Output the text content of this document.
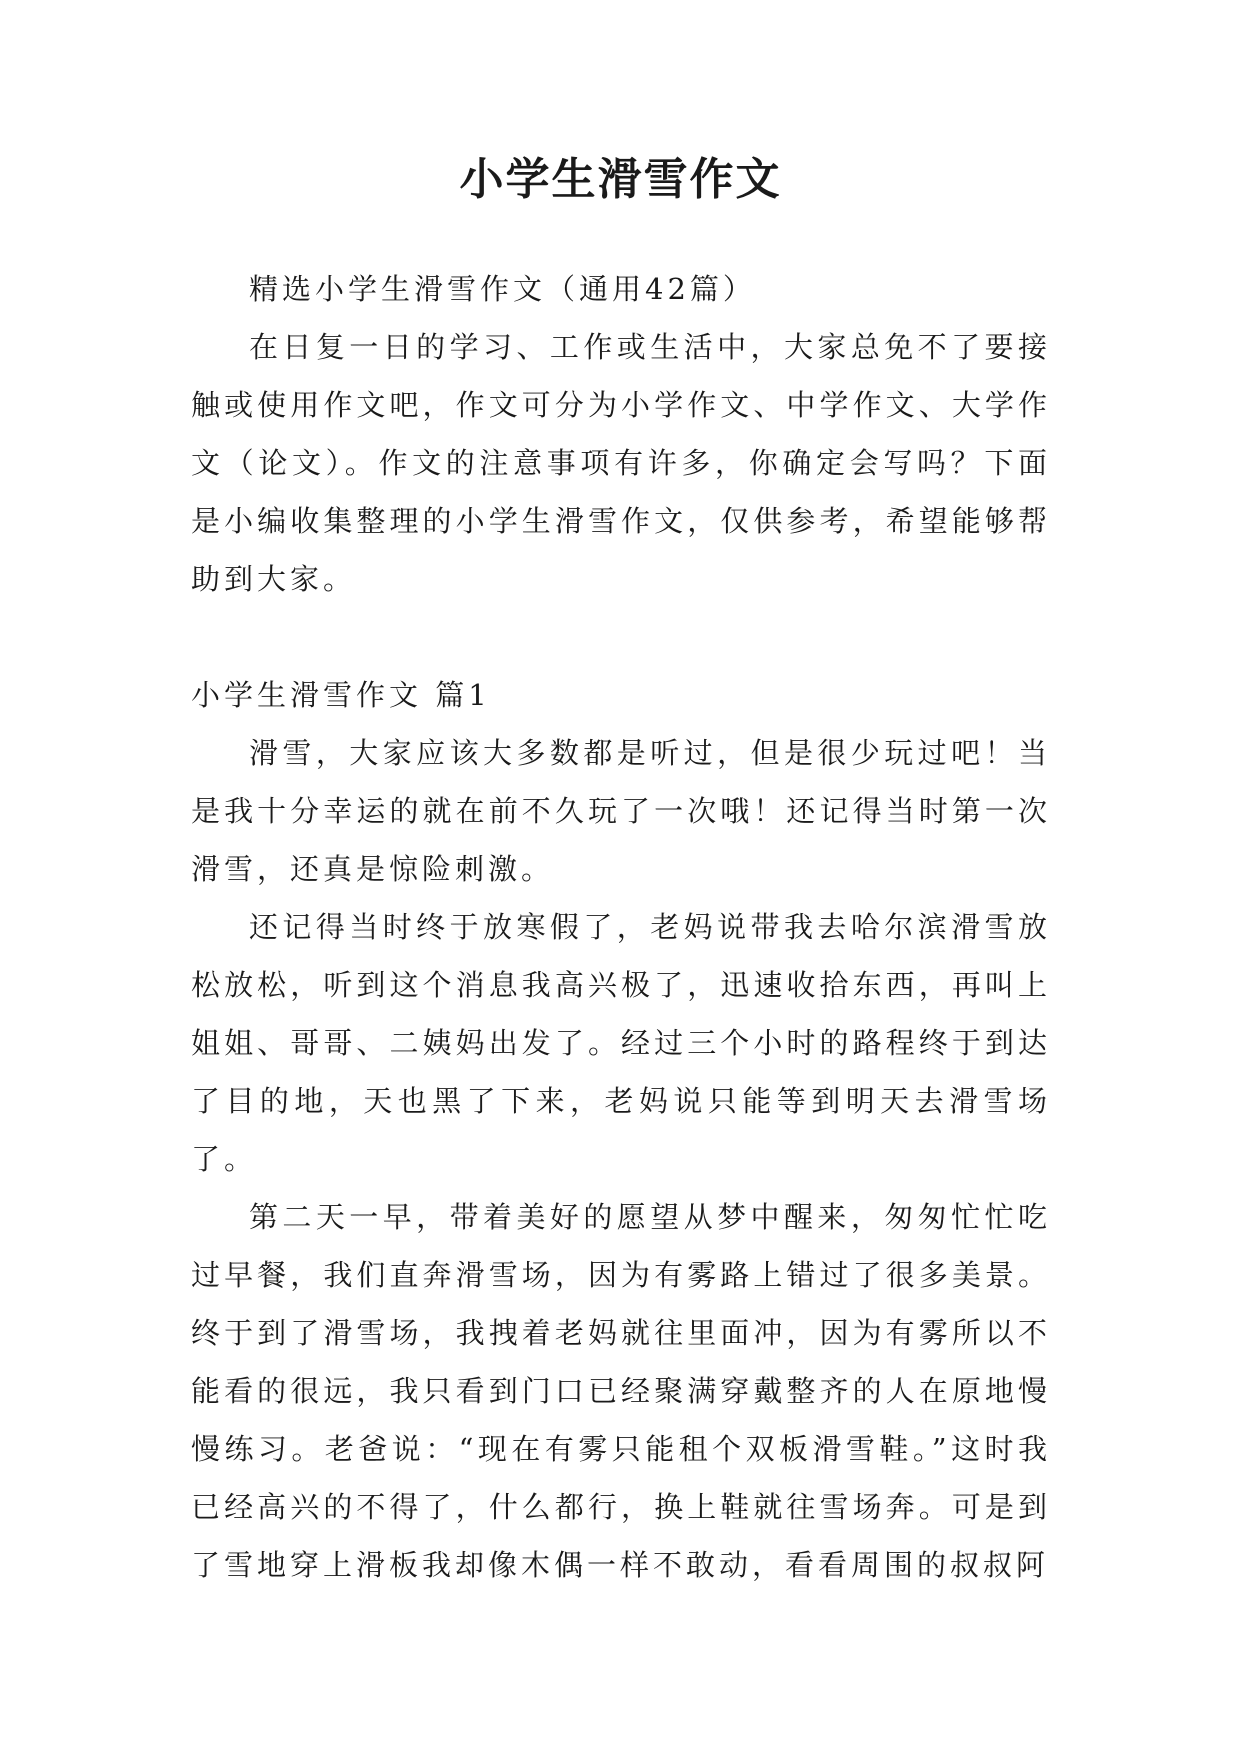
小学生滑雪作文

精选小学生滑雪作文（通用42篇）

在日复一日的学习、工作或生活中，大家总免不了要接触或使用作文吧，作文可分为小学作文、中学作文、大学作文（论文）。作文的注意事项有许多，你确定会写吗？下面是小编收集整理的小学生滑雪作文，仅供参考，希望能够帮助到大家。

小学生滑雪作文 篇1

滑雪，大家应该大多数都是听过，但是很少玩过吧！当是我十分幸运的就在前不久玩了一次哦！还记得当时第一次滑雪，还真是惊险刺激。

还记得当时终于放寒假了，老妈说带我去哈尔滨滑雪放松放松，听到这个消息我高兴极了，迅速收拾东西，再叫上姐姐、哥哥、二姨妈出发了。经过三个小时的路程终于到达了目的地，天也黑了下来，老妈说只能等到明天去滑雪场了。

第二天一早，带着美好的愿望从梦中醒来，匆匆忙忙吃过早餐，我们直奔滑雪场，因为有雾路上错过了很多美景。终于到了滑雪场，我拽着老妈就往里面冲，因为有雾所以不能看的很远，我只看到门口已经聚满穿戴整齐的人在原地慢慢练习。老爸说：“现在有雾只能租个双板滑雪鞋。”这时我已经高兴的不得了，什么都行，换上鞋就往雪场奔。可是到了雪地穿上滑板我却像木偶一样不敢动，看看周围的叔叔阿
